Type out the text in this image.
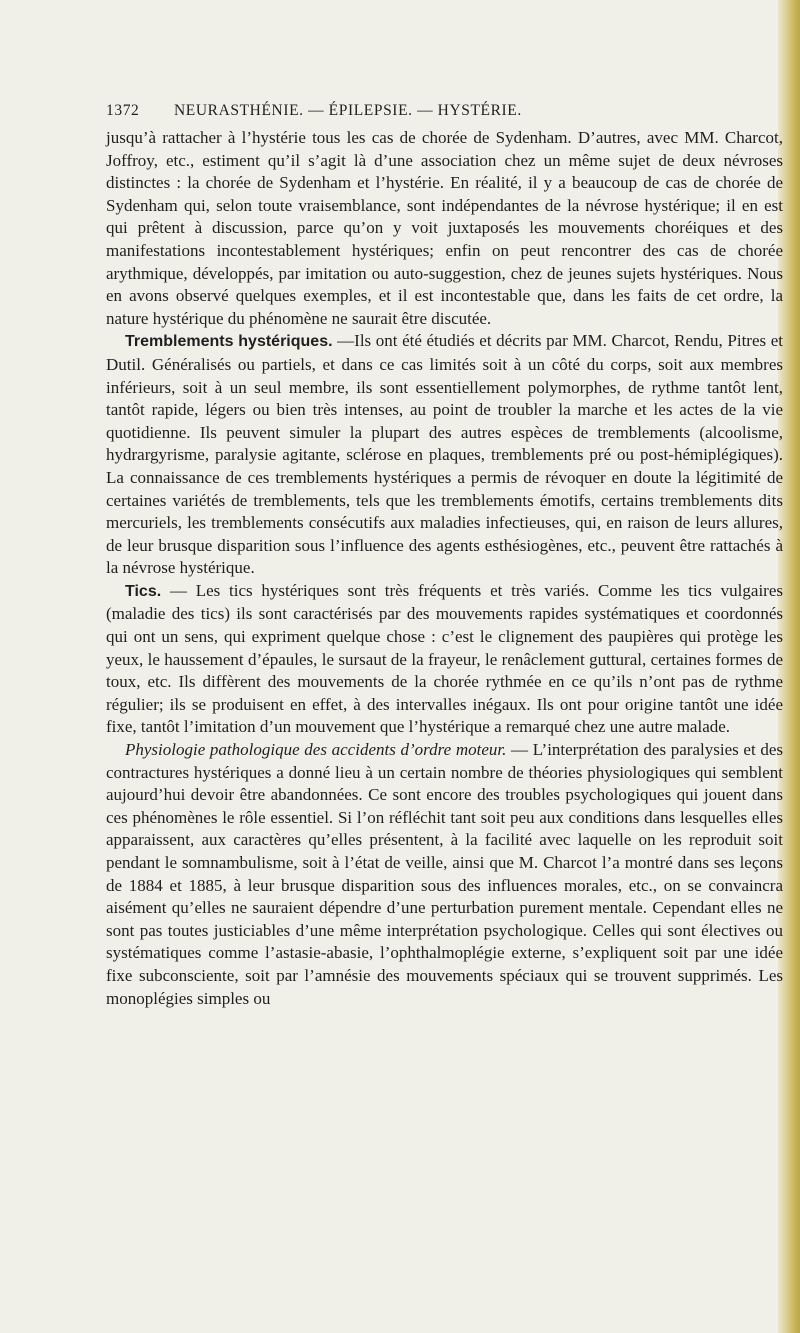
1372 NEURASTHÉNIE. — ÉPILEPSIE. — HYSTÉRIE.

jusqu’à rattacher à l’hystérie tous les cas de chorée de Sydenham. D’autres, avec MM. Charcot, Joffroy, etc., estiment qu’il s’agit là d’une association chez un même sujet de deux névroses distinctes : la chorée de Sydenham et l’hystérie. En réalité, il y a beaucoup de cas de chorée de Sydenham qui, selon toute vraisemblance, sont indépendantes de la névrose hystérique; il en est qui prêtent à discussion, parce qu’on y voit juxtaposés les mouvements choréiques et des manifestations incontestablement hystériques; enfin on peut rencontrer des cas de chorée arythmique, développés, par imitation ou auto-suggestion, chez de jeunes sujets hystériques. Nous en avons observé quelques exemples, et il est incontestable que, dans les faits de cet ordre, la nature hystérique du phénomène ne saurait être discutée.

Tremblements hystériques. —Ils ont été étudiés et décrits par MM. Charcot, Rendu, Pitres et Dutil. Généralisés ou partiels, et dans ce cas limités soit à un côté du corps, soit aux membres inférieurs, soit à un seul membre, ils sont essentiellement polymorphes, de rythme tantôt lent, tantôt rapide, légers ou bien très intenses, au point de troubler la marche et les actes de la vie quotidienne. Ils peuvent simuler la plupart des autres espèces de tremblements (alcoolisme, hydrargyrisme, paralysie agitante, sclérose en plaques, tremblements pré ou post-hémiplégiques). La connaissance de ces tremblements hystériques a permis de révoquer en doute la légitimité de certaines variétés de tremblements, tels que les tremblements émotifs, certains tremblements dits mercuriels, les tremblements consécutifs aux maladies infectieuses, qui, en raison de leurs allures, de leur brusque disparition sous l’influence des agents esthésiogènes, etc., peuvent être rattachés à la névrose hystérique.

Tics. — Les tics hystériques sont très fréquents et très variés. Comme les tics vulgaires (maladie des tics) ils sont caractérisés par des mouvements rapides systématiques et coordonnés qui ont un sens, qui expriment quelque chose : c’est le clignement des paupières qui protège les yeux, le haussement d’épaules, le sursaut de la frayeur, le renâclement guttural, certaines formes de toux, etc. Ils diffèrent des mouvements de la chorée rythmée en ce qu’ils n’ont pas de rythme régulier; ils se produisent en effet, à des intervalles inégaux. Ils ont pour origine tantôt une idée fixe, tantôt l’imitation d’un mouvement que l’hystérique a remarqué chez une autre malade.

Physiologie pathologique des accidents d’ordre moteur. — L’interprétation des paralysies et des contractures hystériques a donné lieu à un certain nombre de théories physiologiques qui semblent aujourd’hui devoir être abandonnées. Ce sont encore des troubles psychologiques qui jouent dans ces phénomènes le rôle essentiel. Si l’on réfléchit tant soit peu aux conditions dans lesquelles elles apparaissent, aux caractères qu’elles présentent, à la facilité avec laquelle on les reproduit soit pendant le somnambulisme, soit à l’état de veille, ainsi que M. Charcot l’a montré dans ses leçons de 1884 et 1885, à leur brusque disparition sous des influences morales, etc., on se convaincra aisément qu’elles ne sauraient dépendre d’une perturbation purement mentale. Cependant elles ne sont pas toutes justiciables d’une même interprétation psychologique. Celles qui sont électives ou systématiques comme l’astasie-abasie, l’ophthalmoplégie externe, s’expliquent soit par une idée fixe subconsciente, soit par l’amnésie des mouvements spéciaux qui se trouvent supprimés. Les monoplégies simples ou
